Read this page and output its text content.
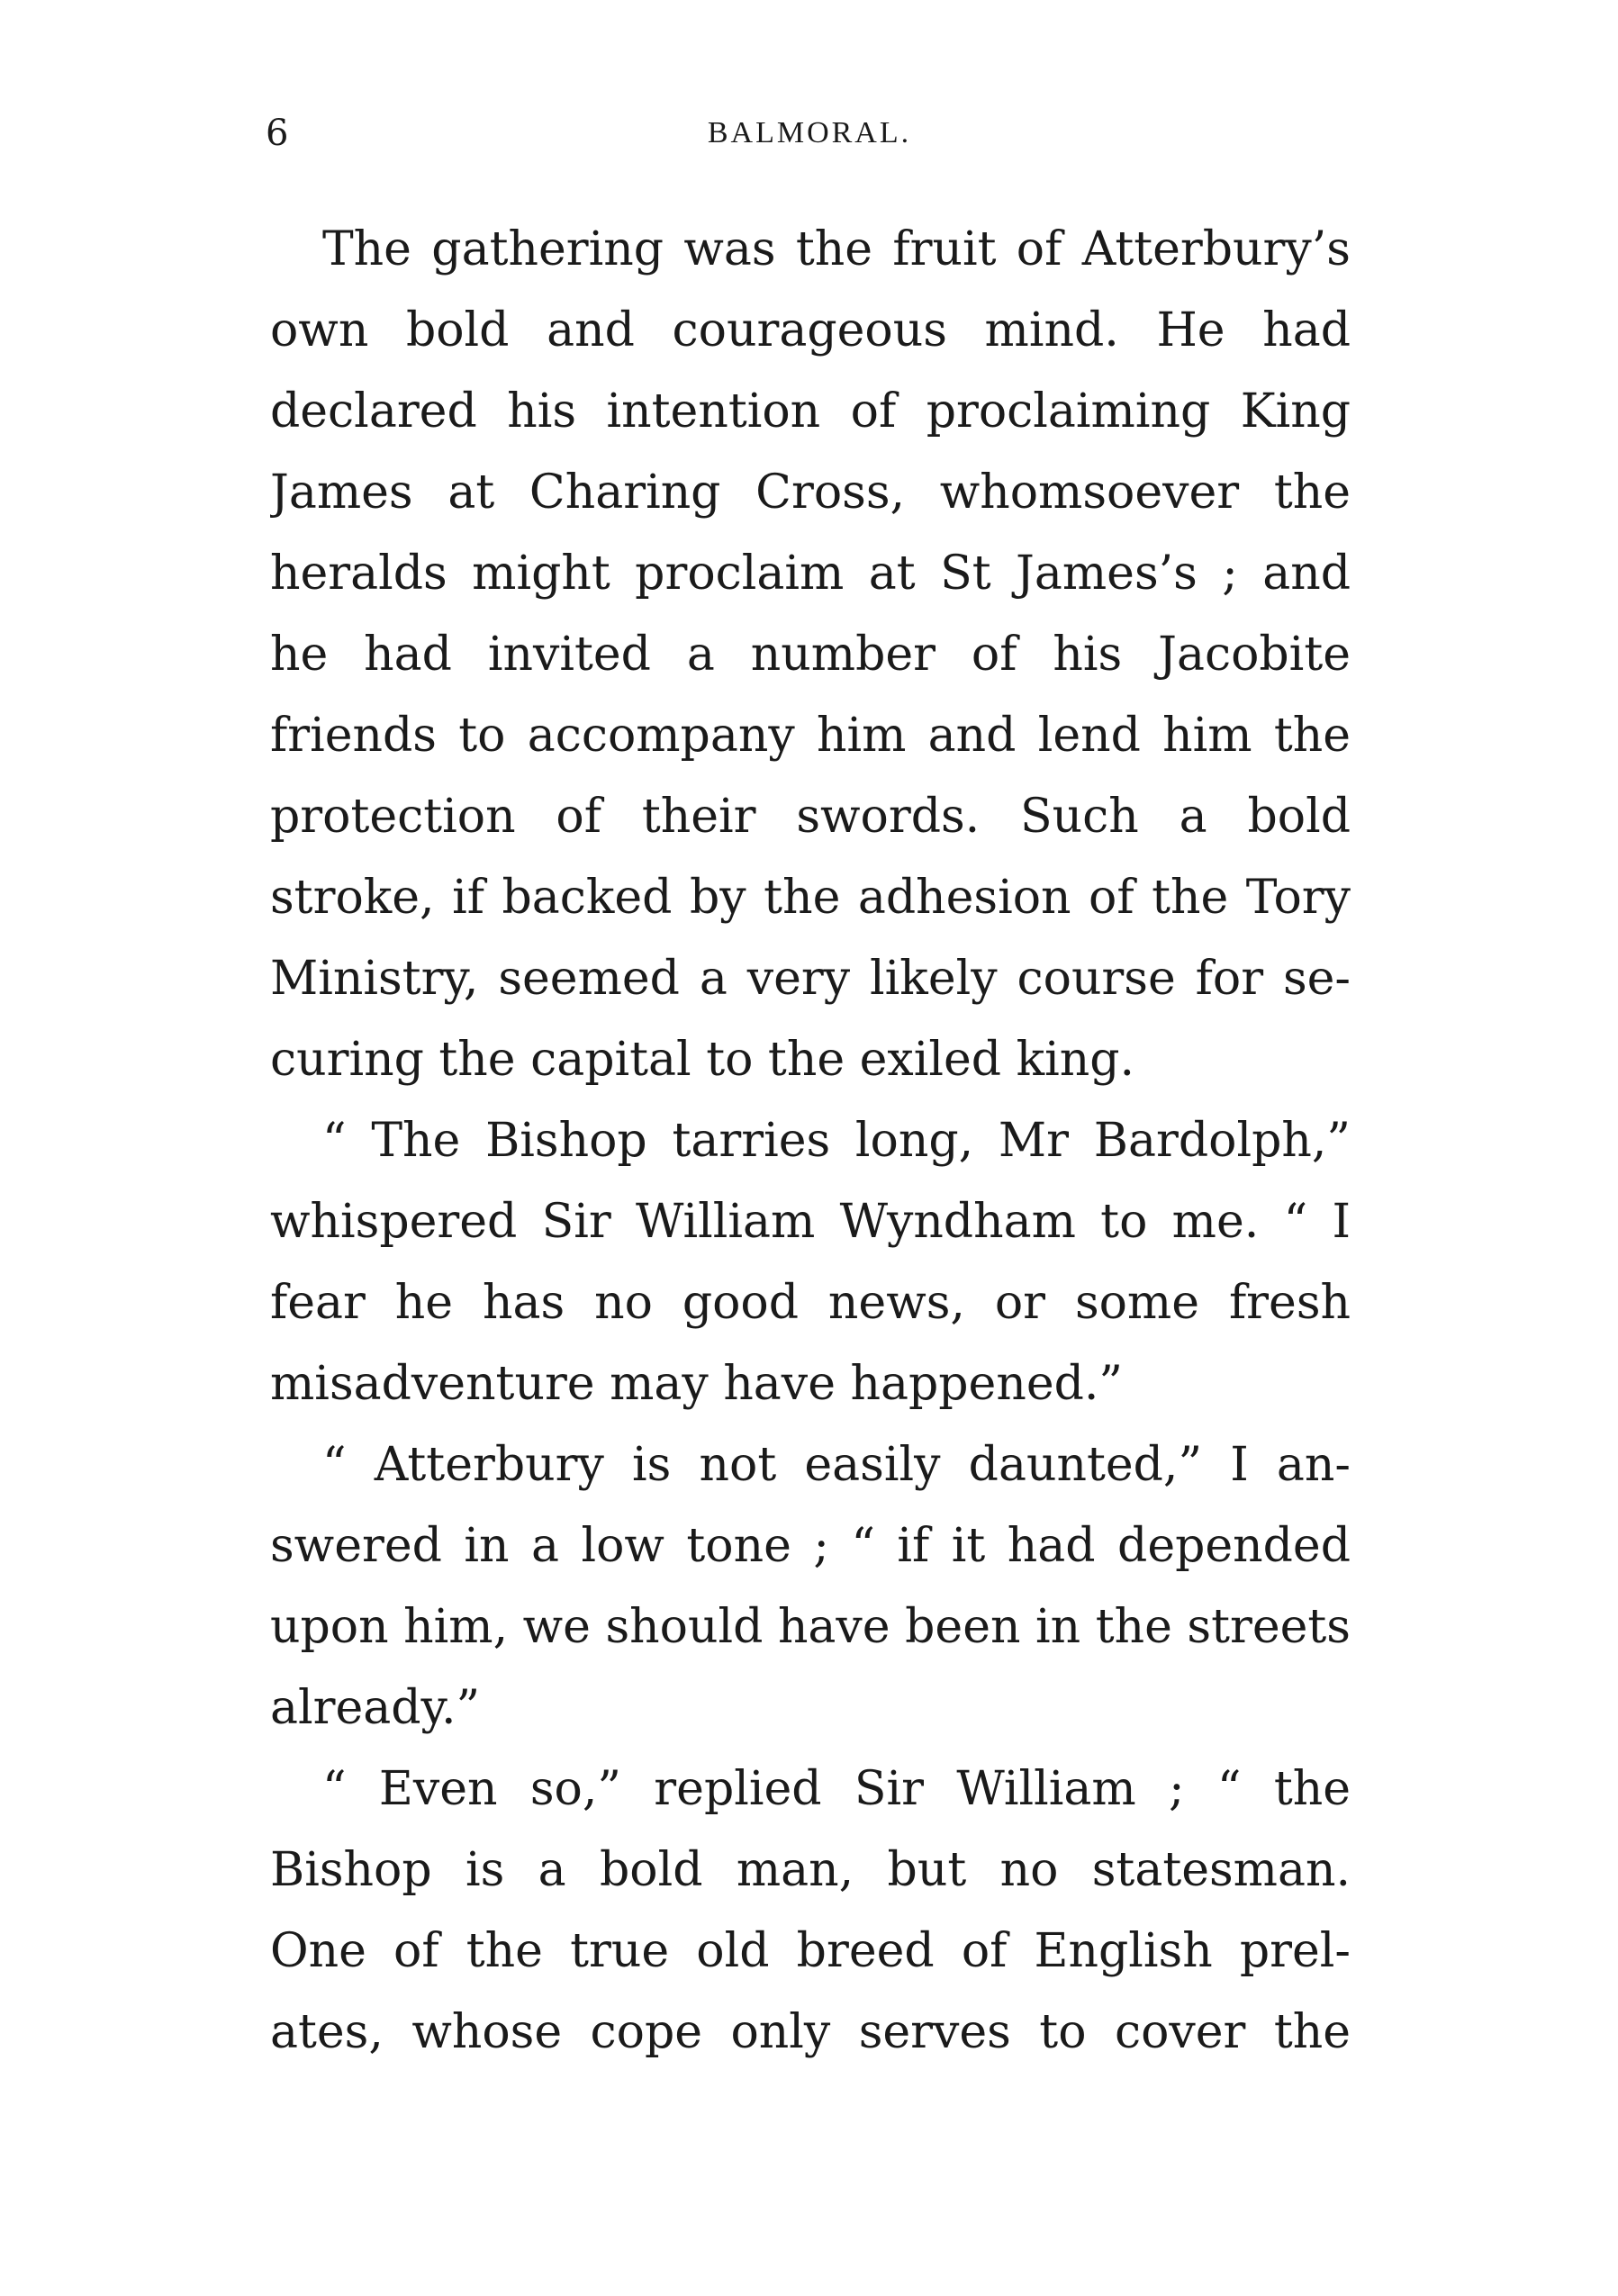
6	BALMORAL.
The gathering was the fruit of Atterbury’s
own bold and courageous mind. He had
declared his intention of proclaiming King
James at Charing Cross, whomsoever the
heralds might proclaim at St James’s ; and
he had invited a number of his Jacobite
friends to accompany him and lend him the
protection of their swords. Such a bold
stroke, if backed by the adhesion of the Tory
Ministry, seemed a very likely course for se-
curing the capital to the exiled king.
“ The Bishop tarries long, Mr Bardolph,”
whispered Sir William Wyndham to me. “ I
fear he has no good news, or some fresh
misadventure may have happened.”
“ Atterbury is not easily daunted,” I an-
swered in a low tone ; “ if it had depended
upon him, we should have been in the streets
already.”
“ Even so,” replied Sir William ; “ the
Bishop is a bold man, but no statesman.
One of the true old breed of English prel-
ates, whose cope only serves to cover the
